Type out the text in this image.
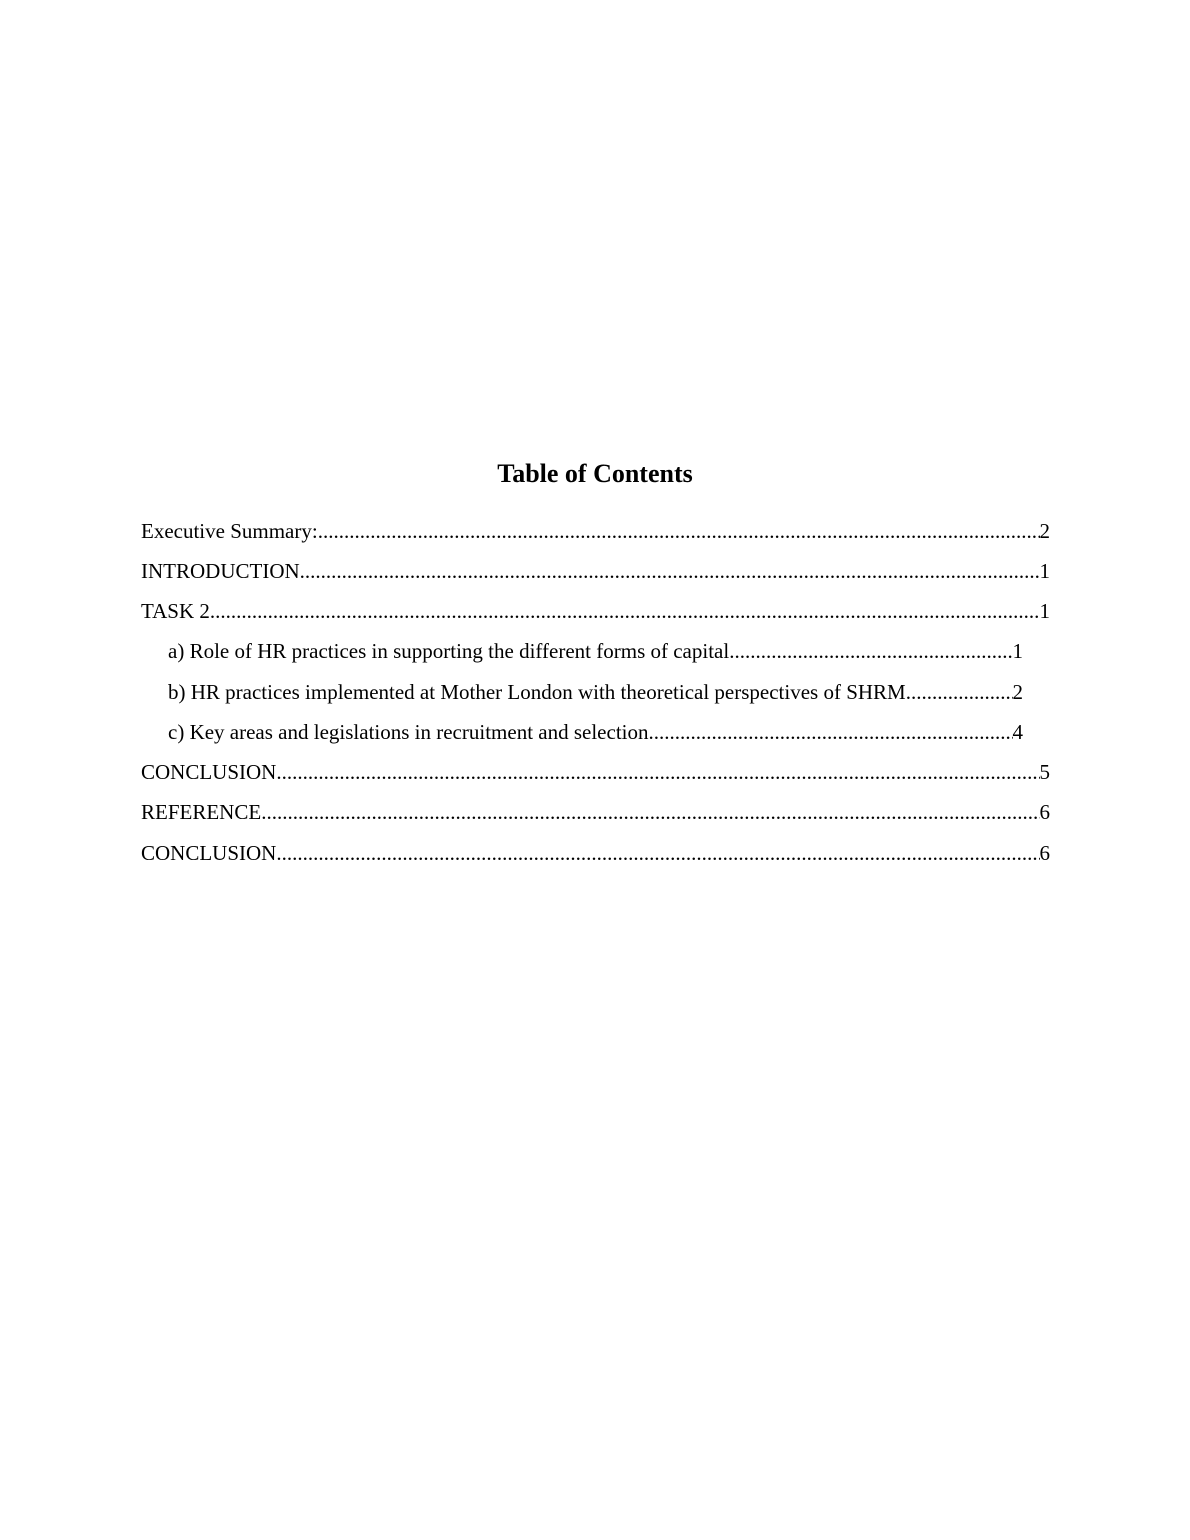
Table of Contents
Executive Summary: .....	2
INTRODUCTION .....	1
TASK 2 .....	1
a) Role of HR practices in supporting the different forms of capital .....	1
b) HR practices implemented at Mother London with theoretical perspectives of SHRM .....	2
c) Key areas and legislations in recruitment and selection .....	4
CONCLUSION .....	5
REFERENCE .....	6
CONCLUSION .....	6
